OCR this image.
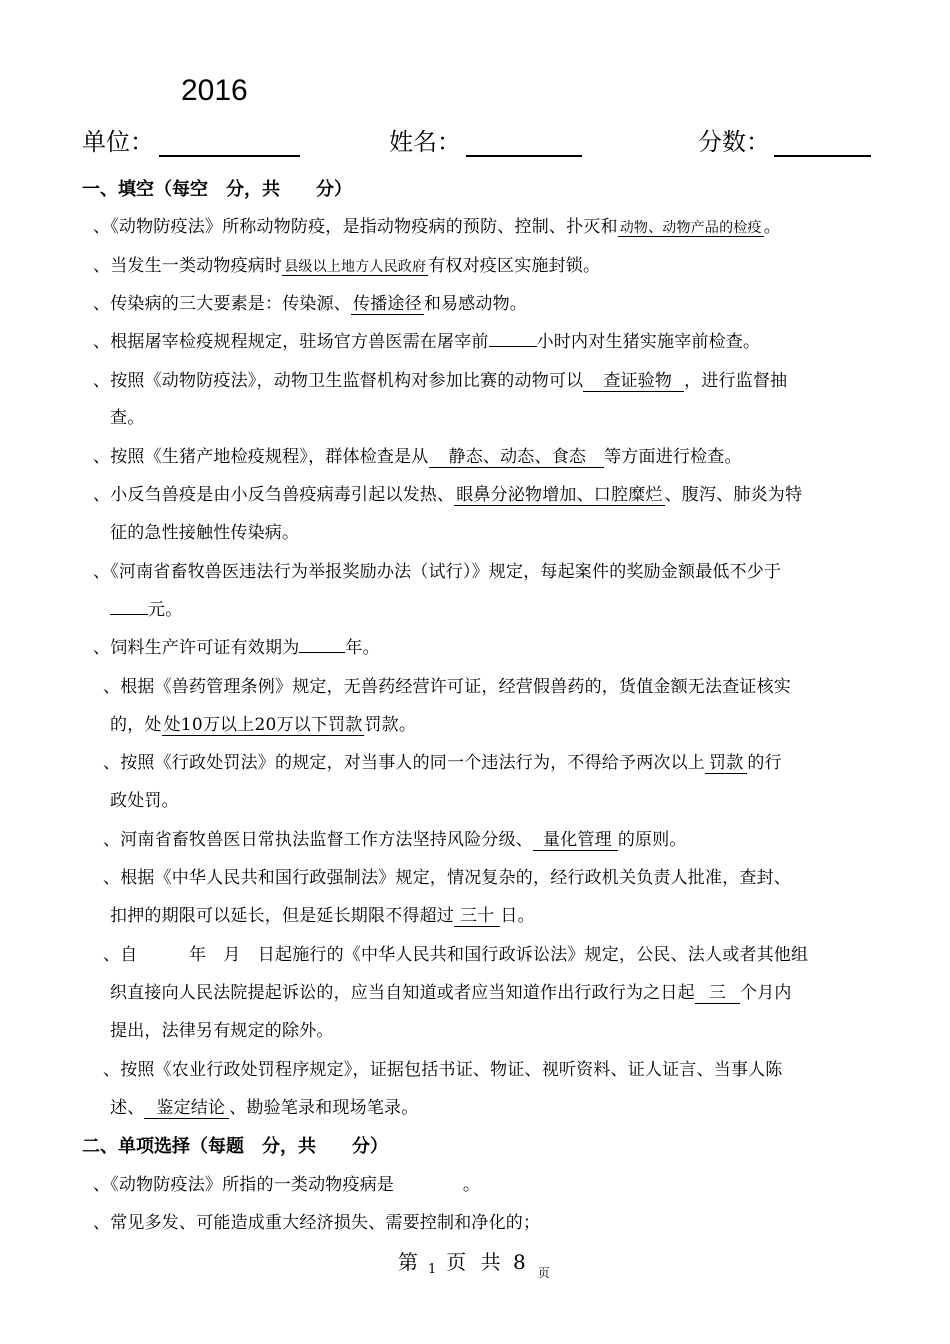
2016
单位：	姓名：	分数：
一、填空（每空　分，共　　分）
、《动物防疫法》所称动物防疫，是指动物疫病的预防、控制、扑灭和 动物、动物产品的检疫 。
、当发生一类动物疫病时 县级以上地方人民政府 有权对疫区实施封锁。
、传染病的三大要素是：传染源、 传播途径 和易感动物。
、根据屠宰检疫规程规定，驻场官方兽医需在屠宰前	小时内对生猪实施宰前检查。
、按照《动物防疫法》，动物卫生监督机构对参加比赛的动物可以 查证验物 ，进行监督抽
查。
、按照《生猪产地检疫规程》，群体检查是从 静态、动态、食态 等方面进行检查。
、小反刍兽疫是由小反刍兽疫病毒引起以发热、 眼鼻分泌物增加、口腔糜烂 、腹泻、肺炎为特
征的急性接触性传染病。
、《河南省畜牧兽医违法行为举报奖励办法（试行）》规定，每起案件的奖励金额最低不少于
元。
、饲料生产许可证有效期为	年。
、根据《兽药管理条例》规定，无兽药经营许可证，经营假兽药的，货值金额无法查证核实
的，处 处10万以上20万以下罚款 罚款。
、按照《行政处罚法》的规定，对当事人的同一个违法行为，不得给予两次以上 罚款 的行
政处罚。
、河南省畜牧兽医日常执法监督工作方法坚持风险分级、 量化管理 的原则。
、根据《中华人民共和国行政强制法》规定，情况复杂的，经行政机关负责人批准，查封、
扣押的期限可以延长，但是延长期限不得超过 三十 日。
、自　　　年　月　日起施行的《中华人民共和国行政诉讼法》规定，公民、法人或者其他组
织直接向人民法院提起诉讼的，应当自知道或者应当知道作出行政行为之日起 三 个月内
提出，法律另有规定的除外。
、按照《农业行政处罚程序规定》，证据包括书证、物证、视听资料、证人证言、当事人陈
述、 鉴定结论 、勘验笔录和现场笔录。
二、单项选择（每题　分，共　　分）
、《动物防疫法》所指的一类动物疫病是　　　　。
、常见多发、可能造成重大经济损失、需要控制和净化的；
第 $_1$ 页 共 8 $_页$
